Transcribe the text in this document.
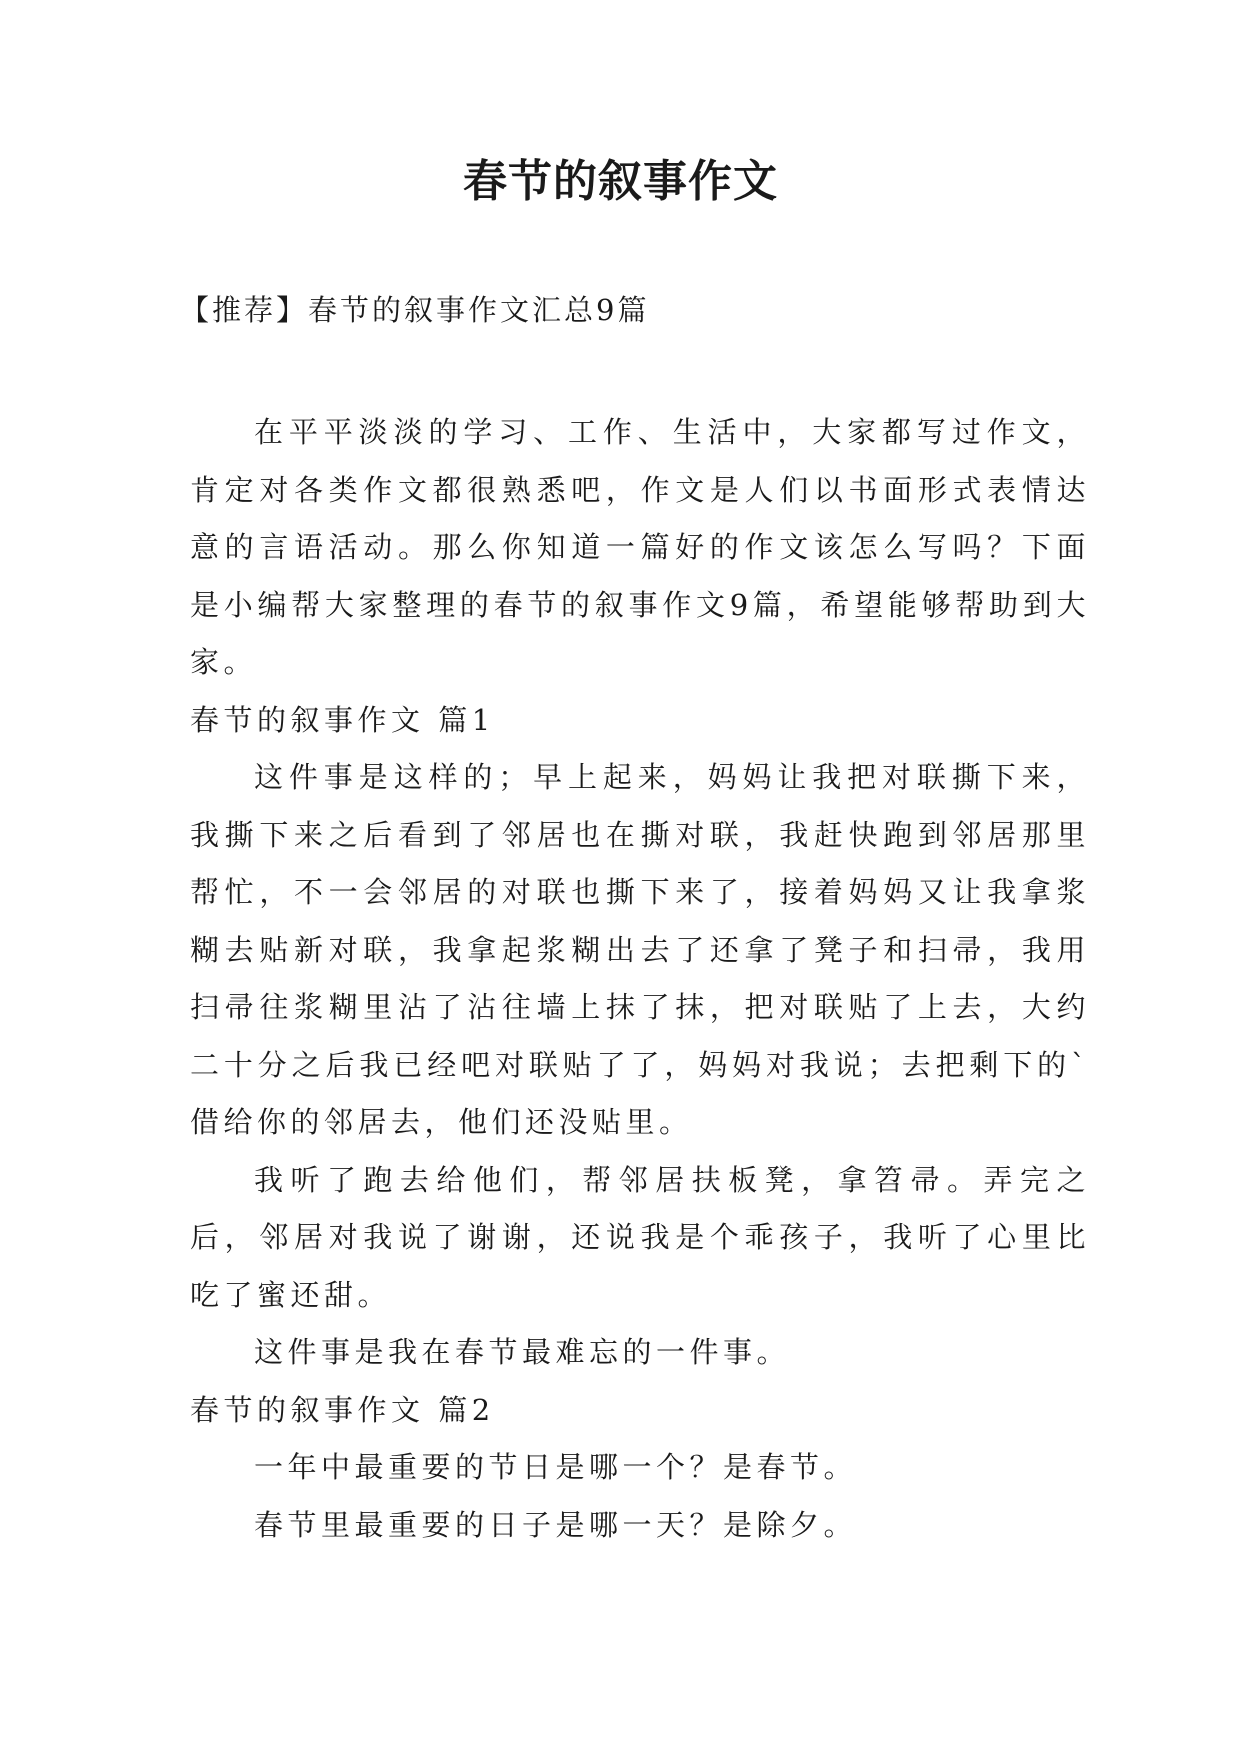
春节的叙事作文

【推荐】春节的叙事作文汇总9篇

在平平淡淡的学习、工作、生活中，大家都写过作文，肯定对各类作文都很熟悉吧，作文是人们以书面形式表情达意的言语活动。那么你知道一篇好的作文该怎么写吗？下面是小编帮大家整理的春节的叙事作文9篇，希望能够帮助到大家。

春节的叙事作文 篇1

这件事是这样的；早上起来，妈妈让我把对联撕下来，我撕下来之后看到了邻居也在撕对联，我赶快跑到邻居那里帮忙，不一会邻居的对联也撕下来了，接着妈妈又让我拿浆糊去贴新对联，我拿起浆糊出去了还拿了凳子和扫帚，我用扫帚往浆糊里沾了沾往墙上抹了抹，把对联贴了上去，大约二十分之后我已经吧对联贴了了，妈妈对我说；去把剩下的`借给你的邻居去，他们还没贴里。

我听了跑去给他们，帮邻居扶板凳，拿笤帚。弄完之后，邻居对我说了谢谢，还说我是个乖孩子，我听了心里比吃了蜜还甜。

这件事是我在春节最难忘的一件事。

春节的叙事作文 篇2

一年中最重要的节日是哪一个？是春节。

春节里最重要的日子是哪一天？是除夕。
